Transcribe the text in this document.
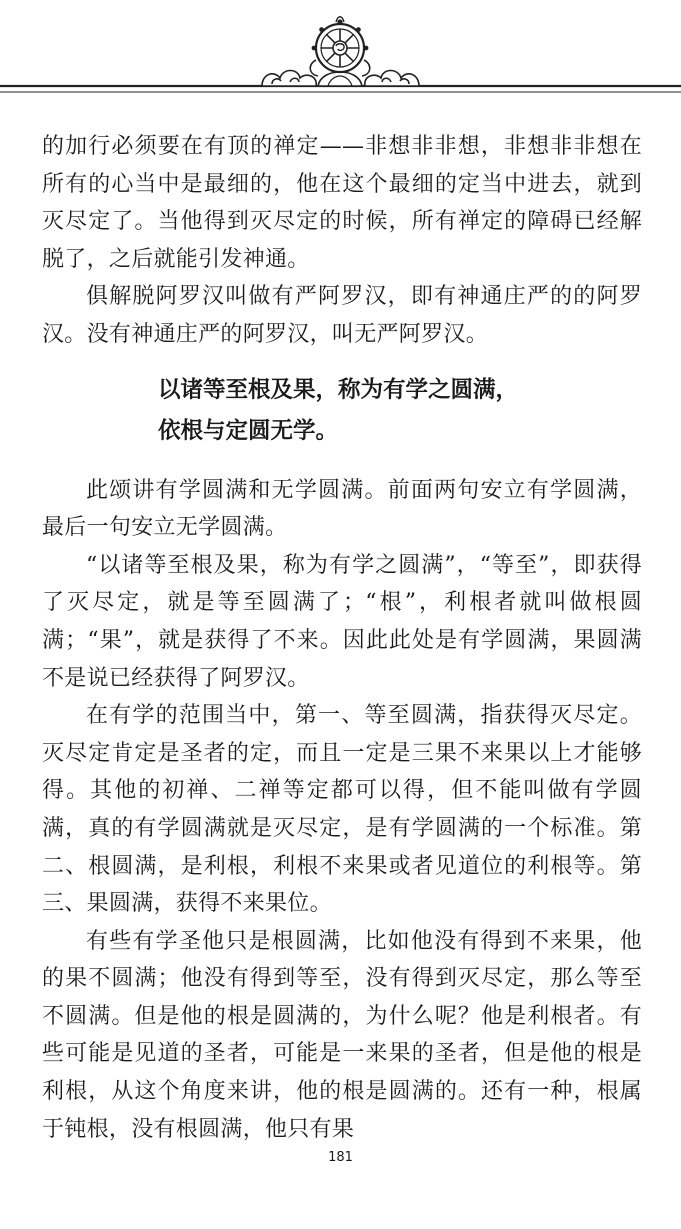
的加行必须要在有顶的禅定——非想非非想，非想非非想在所有的心当中是最细的，他在这个最细的定当中进去，就到灭尽定了。当他得到灭尽定的时候，所有禅定的障碍已经解脱了，之后就能引发神通。

俱解脱阿罗汉叫做有严阿罗汉，即有神通庄严的的阿罗汉。没有神通庄严的阿罗汉，叫无严阿罗汉。

以诸等至根及果，称为有学之圆满，

依根与定圆无学。

此颂讲有学圆满和无学圆满。前面两句安立有学圆满，最后一句安立无学圆满。

“以诸等至根及果，称为有学之圆满”，“等至”，即获得了灭尽定，就是等至圆满了；“根”，利根者就叫做根圆满；“果”，就是获得了不来。因此此处是有学圆满，果圆满不是说已经获得了阿罗汉。

在有学的范围当中，第一、等至圆满，指获得灭尽定。灭尽定肯定是圣者的定，而且一定是三果不来果以上才能够得。其他的初禅、二禅等定都可以得，但不能叫做有学圆满，真的有学圆满就是灭尽定，是有学圆满的一个标准。第二、根圆满，是利根，利根不来果或者见道位的利根等。第三、果圆满，获得不来果位。

有些有学圣他只是根圆满，比如他没有得到不来果，他的果不圆满；他没有得到等至，没有得到灭尽定，那么等至不圆满。但是他的根是圆满的，为什么呢？他是利根者。有些可能是见道的圣者，可能是一来果的圣者，但是他的根是利根，从这个角度来讲，他的根是圆满的。还有一种，根属于钝根，没有根圆满，他只有果

181
